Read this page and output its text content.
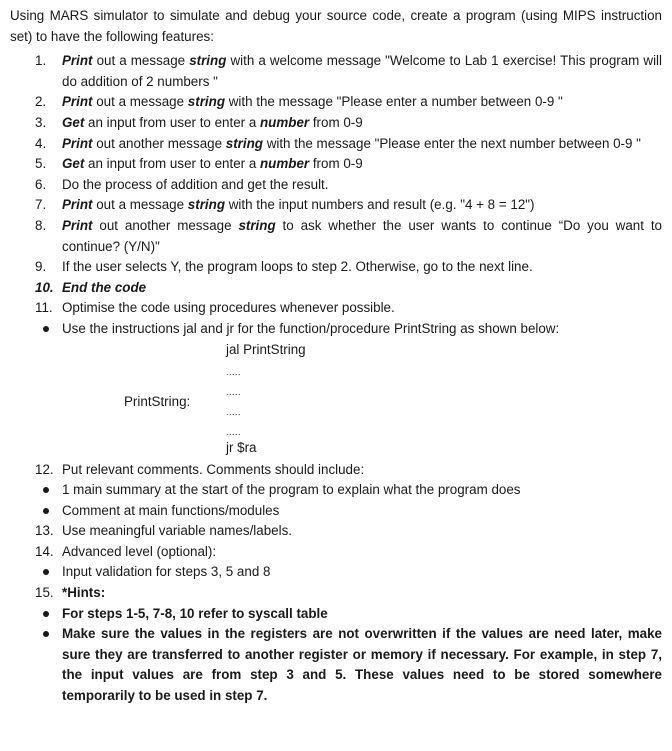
Using MARS simulator to simulate and debug your source code, create a program (using MIPS instruction set) to have the following features:

1.	Print out a message string with a welcome message "Welcome to Lab 1 exercise! This program will do addition of 2 numbers "
2.	Print out a message string with the message "Please enter a number between 0-9 "
3.	Get an input from user to enter a number from 0-9
4.	Print out another message string with the message "Please enter the next number between 0-9 "
5.	Get an input from user to enter a number from 0-9
6.	Do the process of addition and get the result.
7.	Print out a message string with the input numbers and result (e.g. "4 + 8 = 12")
8.	Print out another message string to ask whether the user wants to continue “Do you want to continue? (Y/N)"
9.	If the user selects Y, the program loops to step 2. Otherwise, go to the next line.
10. End the code
11. Optimise the code using procedures whenever possible.
Use the instructions jal and jr for the function/procedure PrintString as shown below:
jal PrintString
.....
.....
PrintString:
.....
.....
jr $ra
12. Put relevant comments. Comments should include:
1 main summary at the start of the program to explain what the program does
Comment at main functions/modules
13. Use meaningful variable names/labels.
14. Advanced level (optional):
Input validation for steps 3, 5 and 8
15. *Hints:
For steps 1-5, 7-8, 10 refer to syscall table
Make sure the values in the registers are not overwritten if the values are need later, make sure they are transferred to another register or memory if necessary. For example, in step 7, the input values are from step 3 and 5. These values need to be stored somewhere temporarily to be used in step 7.
